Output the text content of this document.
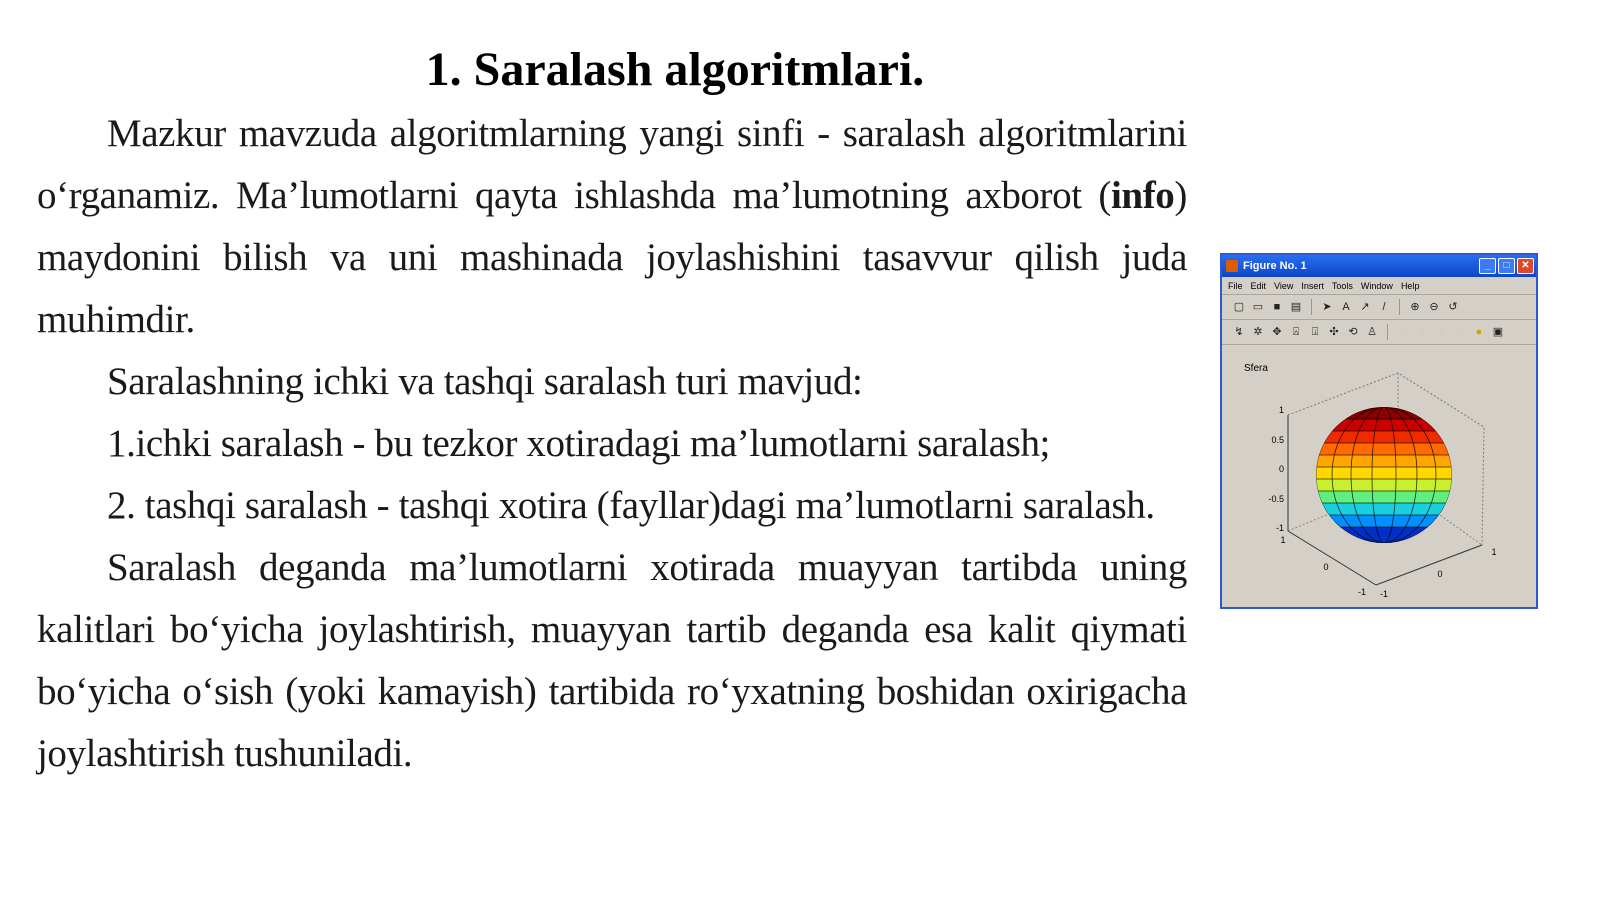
1. Saralash algoritmlari.

Mazkur mavzuda algoritmlarning yangi sinfi - saralash algoritmlarini o‘rganamiz. Ma’lumotlarni qayta ishlashda ma’lumotning axborot (info) maydonini bilish va uni mashinada joylashishini tasavvur qilish juda muhimdir.

Saralashning ichki va tashqi saralash turi mavjud:

1.ichki saralash - bu tezkor xotiradagi ma’lumotlarni saralash;

2. tashqi saralash - tashqi xotira (fayllar)dagi ma’lumotlarni saralash.

Saralash deganda ma’lumotlarni xotirada muayyan tartibda uning kalitlari bo‘yicha joylashtirish, muayyan tartib deganda esa kalit qiymati bo‘yicha o‘sish (yoki kamayish) tartibida ro‘yxatning boshidan oxirigacha joylashtirish tushuniladi.

Figure No. 1	_	□	✕
File Edit View Insert Tools Window Help
▢ ▭ ■ ▤ ➤ A ↗	/	⊕ ⊖ ↺
↯ ✲ ✥	⍓	⍗	✣ ⟲ ♙	◌	◌	◌	◌	● ▣
Sfera
1
0.5
0
-0.5
-1
1
0
-1 -1
0
1
